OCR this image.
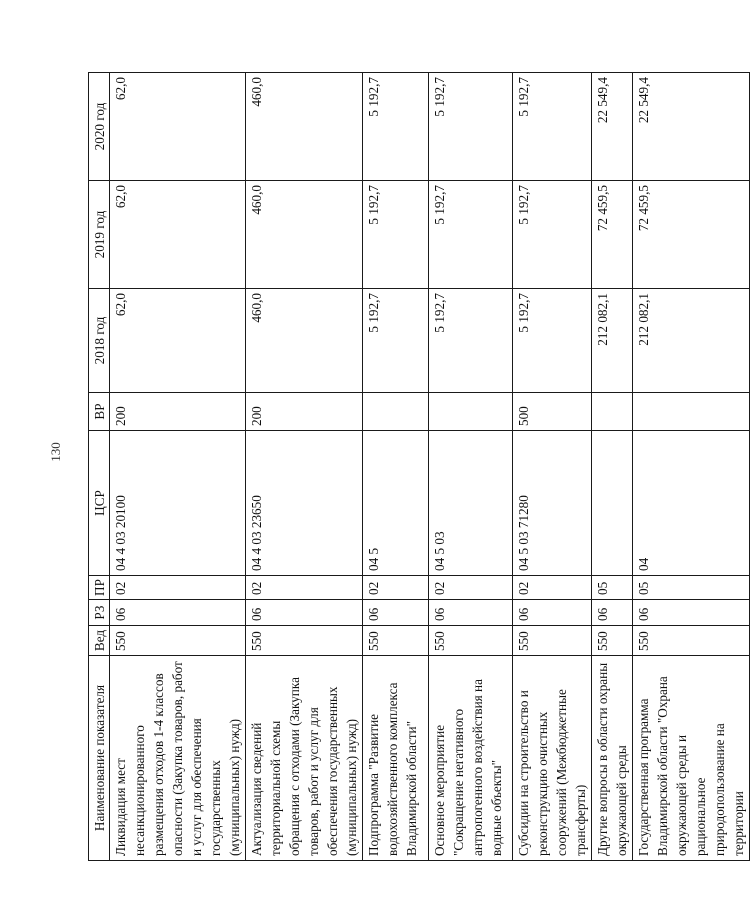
130
Наименование показателя	Вед	РЗ	ПР	ЦСР	ВР	2018 год	2019 год	2020 год
Ликвидация мест несанкционированного размещения отходов 1-4 классов опасности (Закупка товаров, работ и услуг для обеспечения государственных (муниципальных) нужд)	550	06	02	04 4 03 20100	200	62,0	62,0	62,0
Актуализация сведений территориальной схемы обращения с отходами (Закупка товаров, работ и услуг для обеспечения государственных (муниципальных) нужд)	550	06	02	04 4 03 23650	200	460,0	460,0	460,0
Подпрограмма "Развитие водохозяйственного комплекса Владимирской области"	550	06	02	04 5		5 192,7	5 192,7	5 192,7
Основное мероприятие "Сокращение негативного антропогенного воздействия на водные объекты"	550	06	02	04 5 03		5 192,7	5 192,7	5 192,7
Субсидии на строительство и реконструкцию очистных сооружений (Межбюджетные трансферты)	550	06	02	04 5 03 71280	500	5 192,7	5 192,7	5 192,7
Другие вопросы в области охраны окружающей среды	550	06	05			212 082,1	72 459,5	22 549,4
Государственная программа Владимирской области "Охрана окружающей среды и рациональное природопользование на территории	550	06	05	04		212 082,1	72 459,5	22 549,4
